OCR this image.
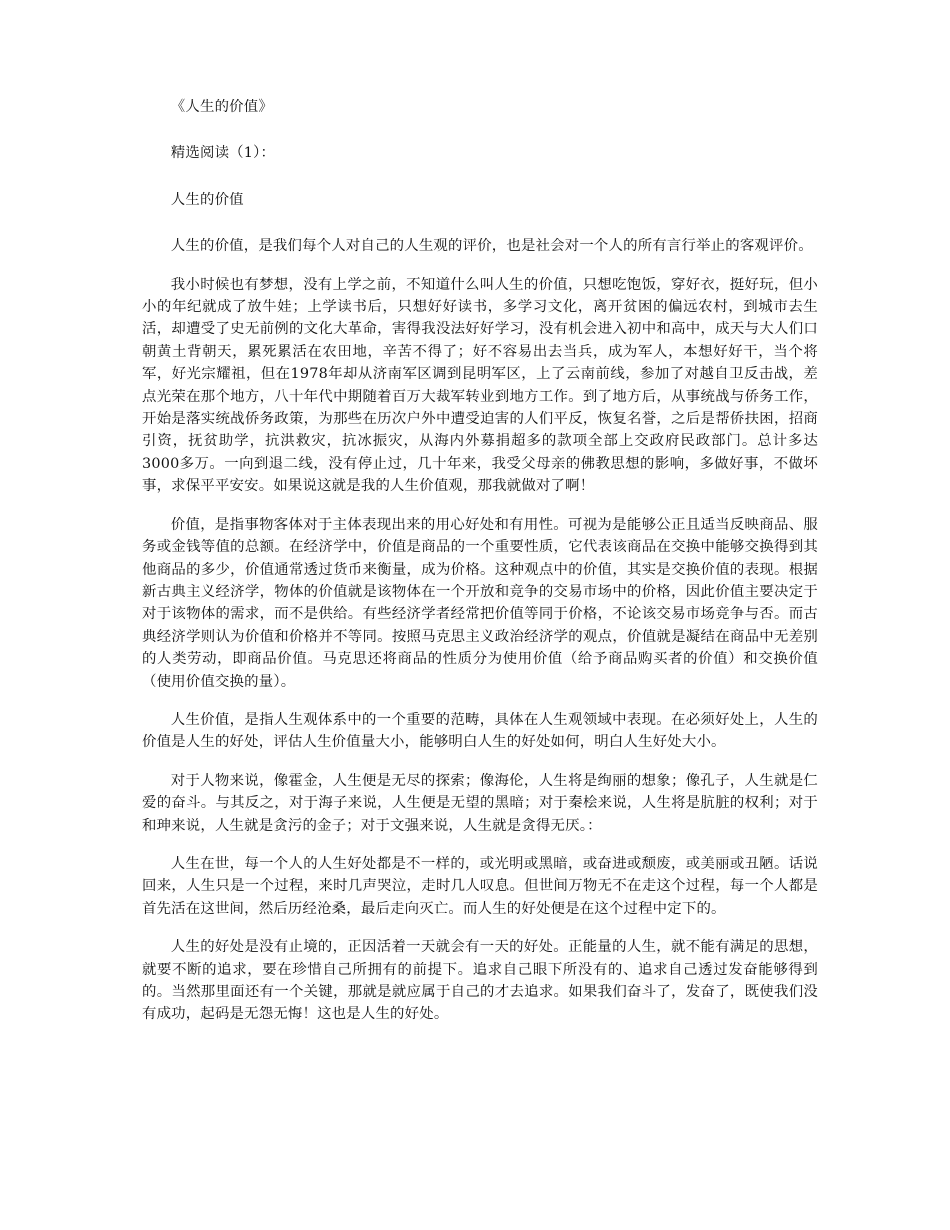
《人生的价值》

精选阅读（1）：

人生的价值

人生的价值，是我们每个人对自己的人生观的评价，也是社会对一个人的所有言行举止的客观评价。

我小时候也有梦想，没有上学之前，不知道什么叫人生的价值，只想吃饱饭，穿好衣，挺好玩，但小小的年纪就成了放牛娃；上学读书后，只想好好读书，多学习文化，离开贫困的偏远农村，到城市去生活，却遭受了史无前例的文化大革命，害得我没法好好学习，没有机会进入初中和高中，成天与大人们口朝黄土背朝天，累死累活在农田地，辛苦不得了；好不容易出去当兵，成为军人，本想好好干，当个将军，好光宗耀祖，但在1978年却从济南军区调到昆明军区，上了云南前线，参加了对越自卫反击战，差点光荣在那个地方，八十年代中期随着百万大裁军转业到地方工作。到了地方后，从事统战与侨务工作，开始是落实统战侨务政策，为那些在历次户外中遭受迫害的人们平反，恢复名誉，之后是帮侨扶困，招商引资，抚贫助学，抗洪救灾，抗冰振灾，从海内外募捐超多的款项全部上交政府民政部门。总计多达3000多万。一向到退二线，没有停止过，几十年来，我受父母亲的佛教思想的影响，多做好事，不做坏事，求保平平安安。如果说这就是我的人生价值观，那我就做对了啊！

价值，是指事物客体对于主体表现出来的用心好处和有用性。可视为是能够公正且适当反映商品、服务或金钱等值的总额。在经济学中，价值是商品的一个重要性质，它代表该商品在交换中能够交换得到其他商品的多少，价值通常透过货币来衡量，成为价格。这种观点中的价值，其实是交换价值的表现。根据新古典主义经济学，物体的价值就是该物体在一个开放和竞争的交易市场中的价格，因此价值主要决定于对于该物体的需求，而不是供给。有些经济学者经常把价值等同于价格，不论该交易市场竞争与否。而古典经济学则认为价值和价格并不等同。按照马克思主义政治经济学的观点，价值就是凝结在商品中无差别的人类劳动，即商品价值。马克思还将商品的性质分为使用价值（给予商品购买者的价值）和交换价值（使用价值交换的量）。

人生价值，是指人生观体系中的一个重要的范畴，具体在人生观领域中表现。在必须好处上，人生的价值是人生的好处，评估人生价值量大小，能够明白人生的好处如何，明白人生好处大小。

对于人物来说，像霍金，人生便是无尽的探索；像海伦，人生将是绚丽的想象；像孔子，人生就是仁爱的奋斗。与其反之，对于海子来说，人生便是无望的黑暗；对于秦桧来说，人生将是肮脏的权利；对于和珅来说，人生就是贪污的金子；对于文强来说，人生就是贪得无厌。：

人生在世，每一个人的人生好处都是不一样的，或光明或黑暗，或奋进或颓废，或美丽或丑陋。话说回来，人生只是一个过程，来时几声哭泣，走时几人叹息。但世间万物无不在走这个过程，每一个人都是首先活在这世间，然后历经沧桑，最后走向灭亡。而人生的好处便是在这个过程中定下的。

人生的好处是没有止境的，正因活着一天就会有一天的好处。正能量的人生，就不能有满足的思想，就要不断的追求，要在珍惜自己所拥有的前提下。追求自己眼下所没有的、追求自己透过发奋能够得到的。当然那里面还有一个关键，那就是就应属于自己的才去追求。如果我们奋斗了，发奋了，既使我们没有成功，起码是无怨无悔！这也是人生的好处。
